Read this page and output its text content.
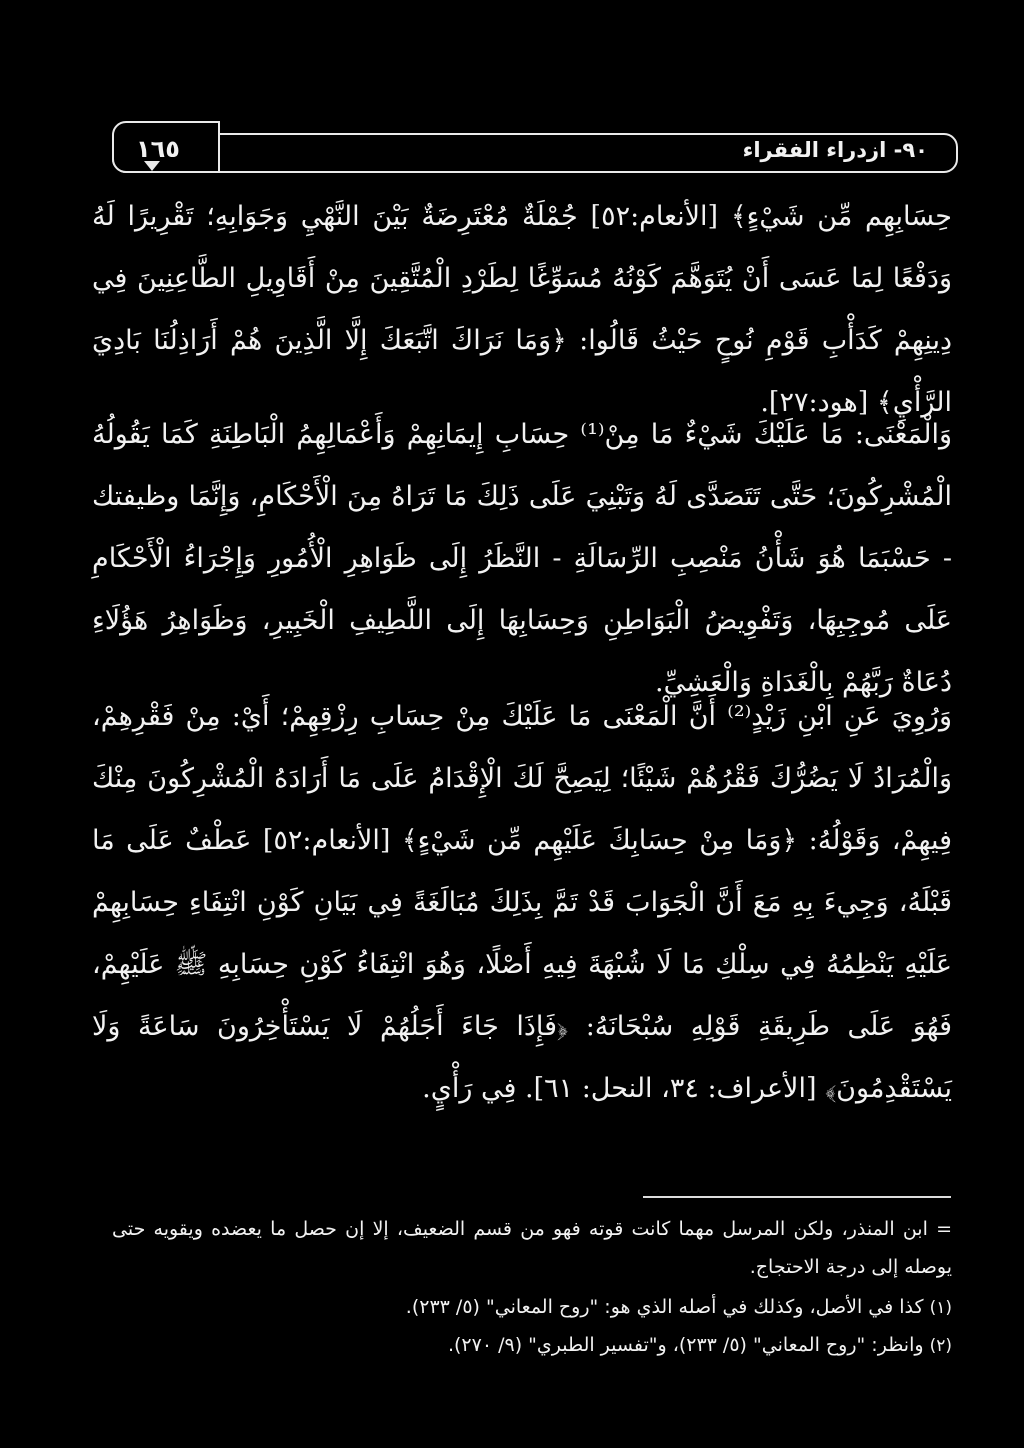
٩٠- ازدراء الفقراء
١٦٥
حِسَابِهِم مِّن شَيْءٍ﴾ [الأنعام:٥٢] جُمْلَةٌ مُعْتَرِضَةٌ بَيْنَ النَّهْيِ وَجَوَابِهِ؛ تَقْرِيرًا لَهُ وَدَفْعًا لِمَا عَسَى أَنْ يُتَوَهَّمَ كَوْنُهُ مُسَوِّغًا لِطَرْدِ الْمُتَّقِينَ مِنْ أَقَاوِيلِ الطَّاعِنِينَ فِي دِينِهِمْ كَدَأْبِ قَوْمِ نُوحٍ حَيْثُ قَالُوا: ﴿وَمَا نَرَاكَ اتَّبَعَكَ إِلَّا الَّذِينَ هُمْ أَرَاذِلُنَا بَادِيَ الرَّأْيِ﴾ [هود:٢٧].
وَالْمَعْنَى: مَا عَلَيْكَ شَيْءٌ مَا مِنْ⁽¹⁾ حِسَابِ إِيمَانِهِمْ وَأَعْمَالِهِمُ الْبَاطِنَةِ كَمَا يَقُولُهُ الْمُشْرِكُونَ؛ حَتَّى تَتَصَدَّى لَهُ وَتَبْنِيَ عَلَى ذَلِكَ مَا تَرَاهُ مِنَ الْأَحْكَامِ، وَإِنَّمَا وظيفتك - حَسْبَمَا هُوَ شَأْنُ مَنْصِبِ الرِّسَالَةِ - النَّظَرُ إِلَى ظَوَاهِرِ الْأُمُورِ وَإِجْرَاءُ الْأَحْكَامِ عَلَى مُوجِبِهَا، وَتَفْوِيضُ الْبَوَاطِنِ وَحِسَابِهَا إِلَى اللَّطِيفِ الْخَبِيرِ، وَظَوَاهِرُ هَؤُلَاءِ دُعَاةٌ رَبَّهُمْ بِالْغَدَاةِ وَالْعَشِيِّ.
وَرُوِيَ عَنِ ابْنِ زَيْدٍ⁽²⁾ أَنَّ الْمَعْنَى مَا عَلَيْكَ مِنْ حِسَابِ رِزْقِهِمْ؛ أَيْ: مِنْ فَقْرِهِمْ، وَالْمُرَادُ لَا يَضُرُّكَ فَقْرُهُمْ شَيْئًا؛ لِيَصِحَّ لَكَ الْإِقْدَامُ عَلَى مَا أَرَادَهُ الْمُشْرِكُونَ مِنْكَ فِيهِمْ، وَقَوْلُهُ: ﴿وَمَا مِنْ حِسَابِكَ عَلَيْهِم مِّن شَيْءٍ﴾ [الأنعام:٥٢] عَطْفٌ عَلَى مَا قَبْلَهُ، وَجِيءَ بِهِ مَعَ أَنَّ الْجَوَابَ قَدْ تَمَّ بِذَلِكَ مُبَالَغَةً فِي بَيَانِ كَوْنِ انْتِفَاءِ حِسَابِهِمْ عَلَيْهِ يَنْظِمُهُ فِي سِلْكِ مَا لَا شُبْهَةَ فِيهِ أَصْلًا، وَهُوَ انْتِفَاءُ كَوْنِ حِسَابِهِ ﷺ عَلَيْهِمْ، فَهُوَ عَلَى طَرِيقَةِ قَوْلِهِ سُبْحَانَهُ: ﴿فَإِذَا جَاءَ أَجَلُهُمْ لَا يَسْتَأْخِرُونَ سَاعَةً وَلَا يَسْتَقْدِمُونَ﴾ [الأعراف: ٣٤، النحل: ٦١]. فِي رَأْيٍ.
= ابن المنذر، ولكن المرسل مهما كانت قوته فهو من قسم الضعيف، إلا إن حصل ما يعضده ويقويه حتى يوصله إلى درجة الاحتجاج.
(١) كذا في الأصل، وكذلك في أصله الذي هو: "روح المعاني" (٥/ ٢٣٣).
(٢) وانظر: "روح المعاني" (٥/ ٢٣٣)، و"تفسير الطبري" (٩/ ٢٧٠).
